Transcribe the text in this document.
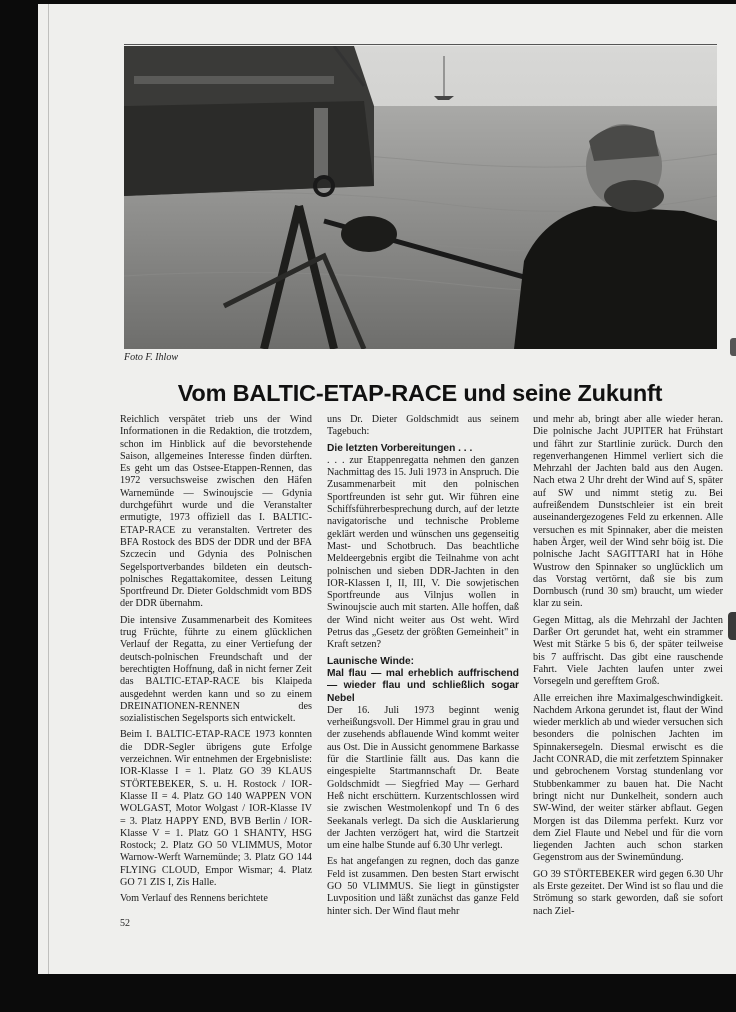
Foto F. Ihlow
Vom BALTIC-ETAP-RACE und seine Zukunft

Reichlich verspätet trieb uns der Wind Informationen in die Redaktion, die trotzdem, schon im Hinblick auf die bevorstehende Saison, allgemeines Interesse finden dürften. Es geht um das Ostsee-Etappen-Rennen, das 1972 versuchsweise zwischen den Häfen Warnemünde — Swinoujscie — Gdynia durchgeführt wurde und die Veranstalter ermutigte, 1973 offiziell das I. BALTIC-ETAP-RACE zu veranstalten. Vertreter des BFA Rostock des BDS der DDR und der BFA Szczecin und Gdynia des Polnischen Segelsportverbandes bildeten ein deutsch-polnisches Regattakomitee, dessen Leitung Sportfreund Dr. Dieter Goldschmidt vom BDS der DDR übernahm.

Die intensive Zusammenarbeit des Komitees trug Früchte, führte zu einem glücklichen Verlauf der Regatta, zu einer Vertiefung der deutsch-polnischen Freundschaft und der berechtigten Hoffnung, daß in nicht ferner Zeit das BALTIC-ETAP-RACE bis Klaipeda ausgedehnt werden kann und so zu einem DREINATIONEN-RENNEN des sozialistischen Segelsports sich entwickelt.

Beim I. BALTIC-ETAP-RACE 1973 konnten die DDR-Segler übrigens gute Erfolge verzeichnen. Wir entnehmen der Ergebnisliste: IOR-Klasse I = 1. Platz GO 39 KLAUS STÖRTEBEKER, S. u. H. Rostock / IOR-Klasse II = 4. Platz GO 140 WAPPEN VON WOLGAST, Motor Wolgast / IOR-Klasse IV = 3. Platz HAPPY END, BVB Berlin / IOR-Klasse V = 1. Platz GO 1 SHANTY, HSG Rostock; 2. Platz GO 50 VLIMMUS, Motor Warnow-Werft Warnemünde; 3. Platz GO 144 FLYING CLOUD, Empor Wismar; 4. Platz GO 71 ZIS I, Zis Halle.

Vom Verlauf des Rennens berichtete

uns Dr. Dieter Goldschmidt aus seinem Tagebuch:

Die letzten Vorbereitungen . . .

. . . zur Etappenregatta nehmen den ganzen Nachmittag des 15. Juli 1973 in Anspruch. Die Zusammenarbeit mit den polnischen Sportfreunden ist sehr gut. Wir führen eine Schiffsführerbesprechung durch, auf der letzte navigatorische und technische Probleme geklärt werden und wünschen uns gegenseitig Mast- und Schotbruch. Das beachtliche Meldeergebnis ergibt die Teilnahme von acht polnischen und sieben DDR-Jachten in den IOR-Klassen I, II, III, V. Die sowjetischen Sportfreunde aus Vilnjus wollen in Swinoujscie auch mit starten. Alle hoffen, daß der Wind nicht weiter aus Ost weht. Wird Petrus das „Gesetz der größten Gemeinheit" in Kraft setzen?

Launische Winde:

Mal flau — mal erheblich auffrischend — wieder flau und schließlich sogar Nebel

Der 16. Juli 1973 beginnt wenig verheißungsvoll. Der Himmel grau in grau und der zusehends abflauende Wind kommt weiter aus Ost. Die in Aussicht genommene Barkasse für die Startlinie fällt aus. Das kann die eingespielte Startmannschaft Dr. Beate Goldschmidt — Siegfried May — Gerhard Heß nicht erschüttern. Kurzentschlossen wird sie zwischen Westmolenkopf und Tn 6 des Seekanals verlegt. Da sich die Ausklarierung der Jachten verzögert hat, wird die Startzeit um eine halbe Stunde auf 6.30 Uhr verlegt.

Es hat angefangen zu regnen, doch das ganze Feld ist zusammen. Den besten Start erwischt GO 50 VLIMMUS. Sie liegt in günstigster Luvposition und läßt zunächst das ganze Feld hinter sich. Der Wind flaut mehr

und mehr ab, bringt aber alle wieder heran. Die polnische Jacht JUPITER hat Frühstart und fährt zur Startlinie zurück. Durch den regenverhangenen Himmel verliert sich die Mehrzahl der Jachten bald aus den Augen. Nach etwa 2 Uhr dreht der Wind auf S, später auf SW und nimmt stetig zu. Bei aufreißendem Dunstschleier ist ein breit auseinandergezogenes Feld zu erkennen. Alle versuchen es mit Spinnaker, aber die meisten haben Ärger, weil der Wind sehr böig ist. Die polnische Jacht SAGITTARI hat in Höhe Wustrow den Spinnaker so unglücklich um das Vorstag vertörnt, daß sie bis zum Dornbusch (rund 30 sm) braucht, um wieder klar zu sein.

Gegen Mittag, als die Mehrzahl der Jachten Darßer Ort gerundet hat, weht ein strammer West mit Stärke 5 bis 6, der später teilweise bis 7 auffrischt. Das gibt eine rauschende Fahrt. Viele Jachten laufen unter zwei Vorsegeln und gerefftem Groß.

Alle erreichen ihre Maximalgeschwindigkeit. Nachdem Arkona gerundet ist, flaut der Wind wieder merklich ab und wieder versuchen sich besonders die polnischen Jachten im Spinnakersegeln. Diesmal erwischt es die Jacht CONRAD, die mit zerfetztem Spinnaker und gebrochenem Vorstag stundenlang vor Stubbenkammer zu bauen hat. Die Nacht bringt nicht nur Dunkelheit, sondern auch SW-Wind, der weiter stärker abflaut. Gegen Morgen ist das Dilemma perfekt. Kurz vor dem Ziel Flaute und Nebel und für die vorn liegenden Jachten auch schon starken Gegenstrom aus der Swinemündung.

GO 39 STÖRTEBEKER wird gegen 6.30 Uhr als Erste gezeitet. Der Wind ist so flau und die Strömung so stark geworden, daß sie sofort nach Ziel-

52
